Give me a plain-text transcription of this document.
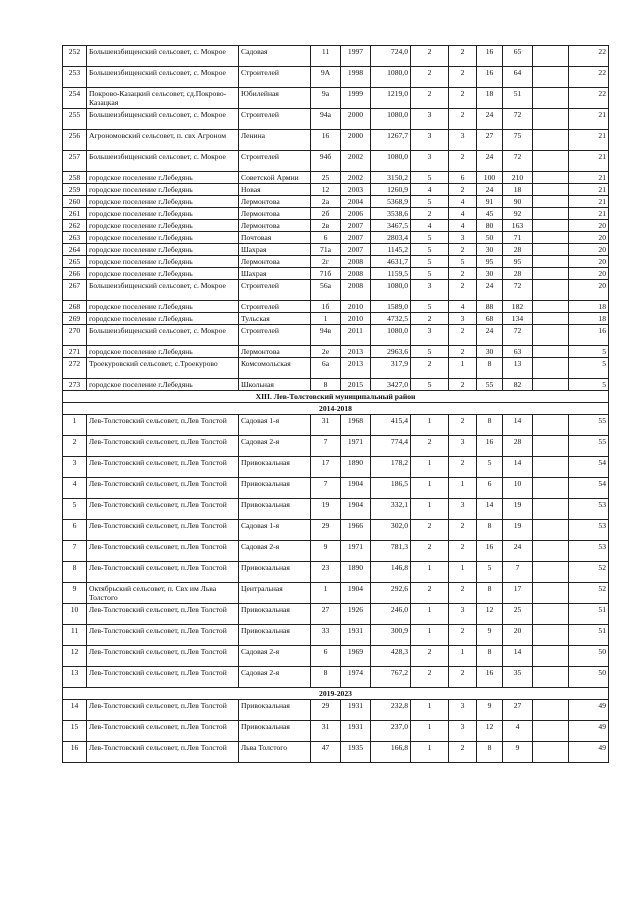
252	Большеизбищенский сельсовет, с. Мокрое	Садовая	11	1997	724,0	2	2	16	65		22
253	Большеизбищенский сельсовет, с. Мокрое	Строителей	9А	1998	1080,0	2	2	16	64		22
254	Покрово-Казацкий сельсовет, сд.Покрово-Казацкая	Юбилейная	9а	1999	1219,0	2	2	18	51		22
255	Большеизбищенский сельсовет, с. Мокрое	Строителей	94а	2000	1080,0	3	2	24	72		21
256	Агрономовский сельсовет, п. свх Агроном	Ленина	16	2000	1267,7	3	3	27	75		21
257	Большеизбищенский сельсовет, с. Мокрое	Строителей	94б	2002	1080,0	3	2	24	72		21
258	городское поселение г.Лебедянь	Советской Армии	25	2002	3150,2	5	6	100	210		21
259	городское поселение г.Лебедянь	Новая	12	2003	1260,9	4	2	24	18		21
260	городское поселение г.Лебедянь	Лермонтова	2а	2004	5368,9	5	4	91	90		21
261	городское поселение г.Лебедянь	Лермонтова	2б	2006	3538,6	2	4	45	92		21
262	городское поселение г.Лебедянь	Лермонтова	2в	2007	3467,5	4	4	80	163		20
263	городское поселение г.Лебедянь	Почтовая	6	2007	2803,4	5	3	50	71		20
264	городское поселение г.Лебедянь	Шахрая	71а	2007	1145,2	5	2	30	28		20
265	городское поселение г.Лебедянь	Лермонтова	2г	2008	4631,7	5	5	95	95		20
266	городское поселение г.Лебедянь	Шахрая	71б	2008	1159,5	5	2	30	28		20
267	Большеизбищенский сельсовет, с. Мокрое	Строителей	56а	2008	1080,0	3	2	24	72		20
268	городское поселение г.Лебедянь	Строителей	1б	2010	1589,0	5	4	88	182		18
269	городское поселение г.Лебедянь	Тульская	1	2010	4732,5	2	3	68	134		18
270	Большеизбищенский сельсовет, с. Мокрое	Строителей	94в	2011	1080,0	3	2	24	72		16
271	городское поселение г.Лебедянь	Лермонтова	2е	2013	2963,6	5	2	30	63		5
272	Троекуровский сельсовет, с.Троекурово	Комсомольская	6а	2013	317,9	2	1	8	13		5
273	городское поселение г.Лебедянь	Школьная	8	2015	3427,0	5	2	55	82		5
XIII. Лев-Толстовский муниципальный район											
2014-2018											
1	Лев-Толстовский сельсовет, п.Лев Толстой	Садовая 1-я	31	1968	415,4	1	2	8	14		55
2	Лев-Толстовский сельсовет, п.Лев Толстой	Садовая 2-я	7	1971	774,4	2	3	16	28		55
3	Лев-Толстовский сельсовет, п.Лев Толстой	Привокзальная	17	1890	178,2	1	2	5	14		54
4	Лев-Толстовский сельсовет, п.Лев Толстой	Привокзальная	7	1904	186,5	1	1	6	10		54
5	Лев-Толстовский сельсовет, п.Лев Толстой	Привокзальная	19	1904	332,1	1	3	14	19		53
6	Лев-Толстовский сельсовет, п.Лев Толстой	Садовая 1-я	29	1966	302,0	2	2	8	19		53
7	Лев-Толстовский сельсовет, п.Лев Толстой	Садовая 2-я	9	1971	781,3	2	2	16	24		53
8	Лев-Толстовский сельсовет, п.Лев Толстой	Привокзальная	23	1890	146,8	1	1	5	7		52
9	Октябрьский сельсовет, п. Свх им Льва Толстого	Центральная	1	1904	292,6	2	2	8	17		52
10	Лев-Толстовский сельсовет, п.Лев Толстой	Привокзальная	27	1926	246,0	1	3	12	25		51
11	Лев-Толстовский сельсовет, п.Лев Толстой	Привокзальная	33	1931	300,9	1	2	9	20		51
12	Лев-Толстовский сельсовет, п.Лев Толстой	Садовая 2-я	6	1969	428,3	2	1	8	14		50
13	Лев-Толстовский сельсовет, п.Лев Толстой	Садовая 2-я	8	1974	767,2	2	2	16	35		50
2019-2023											
14	Лев-Толстовский сельсовет, п.Лев Толстой	Привокзальная	29	1931	232,8	1	3	9	27		49
15	Лев-Толстовский сельсовет, п.Лев Толстой	Привокзальная	31	1931	237,0	1	3	12	4		49
16	Лев-Толстовский сельсовет, п.Лев Толстой	Льва Толстого	47	1935	166,8	1	2	8	9		49
